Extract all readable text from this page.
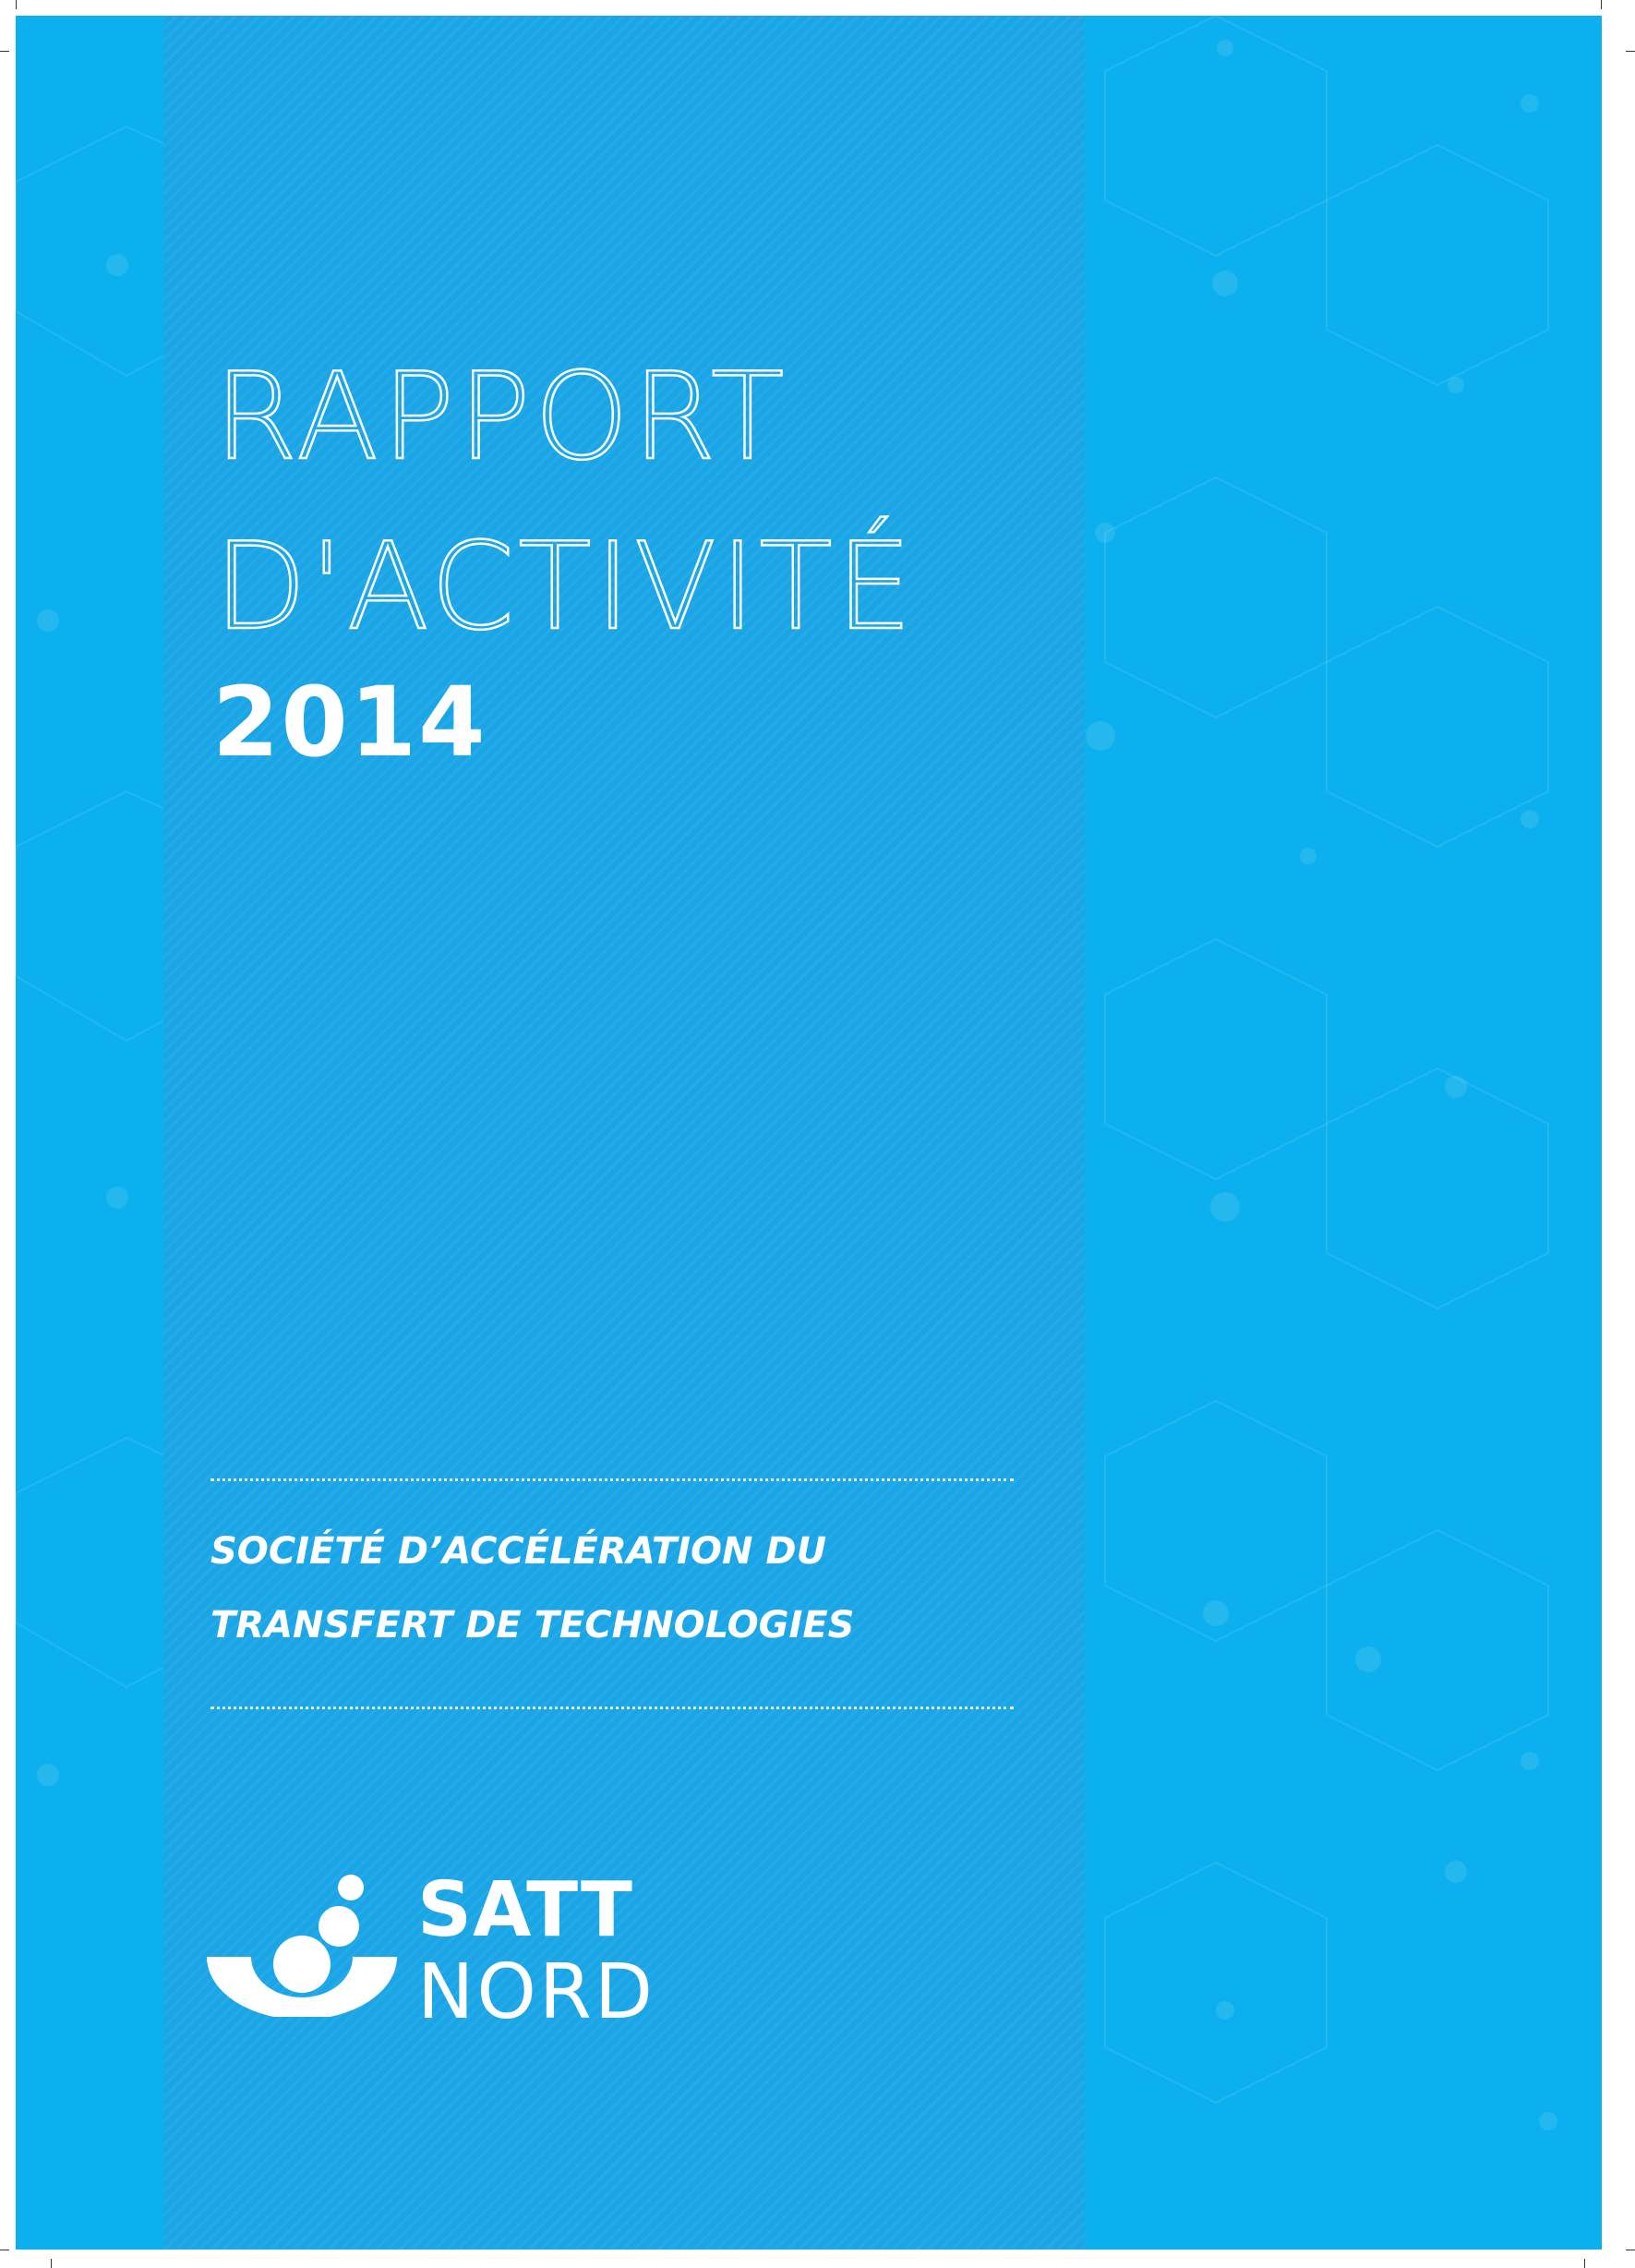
RAPPORT
D'ACTIVITÉ
2014
SOCIÉTÉ D’ACCÉLÉRATION DU
TRANSFERT DE TECHNOLOGIES
SATT
NORD
